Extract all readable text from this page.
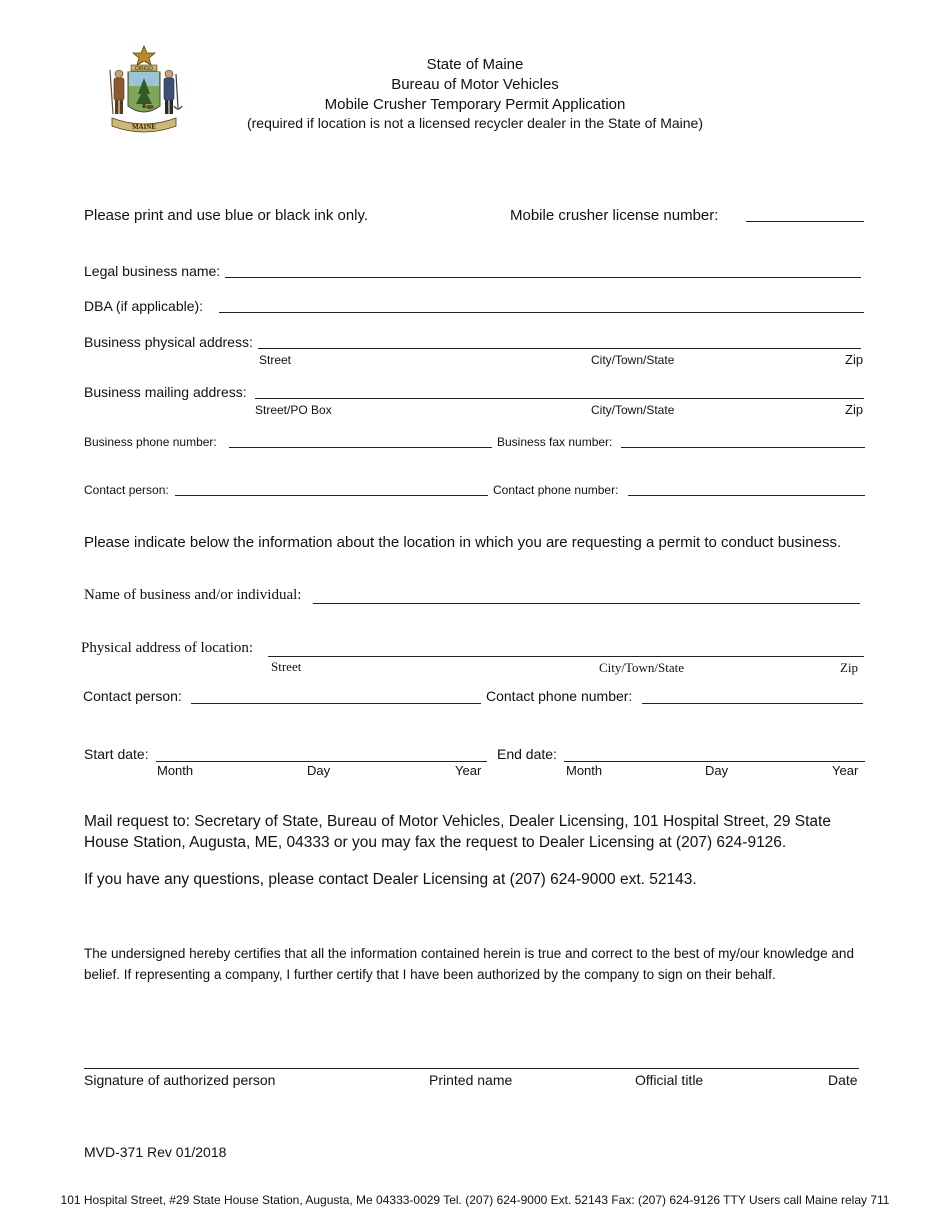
DIRIGO
MAINE
State of Maine
Bureau of Motor Vehicles
Mobile Crusher Temporary Permit Application
(required if location is not a licensed recycler dealer in the State of Maine)
Please print and use blue or black ink only.	Mobile crusher license number:
Legal business name:
DBA (if applicable):
Business physical address:
Street	City/Town/State	Zip
Business mailing address:
Street/PO Box	City/Town/State	Zip
Business phone number:	Business fax number:
Contact person:	Contact phone number:
Please indicate below the information about the location in which you are requesting a permit to conduct business.
Name of business and/or individual:
Physical address of location:
Street	City/Town/State	Zip
Contact person:	Contact phone number:
Start date:
Month	Day	Year
End date:
Month	Day	Year
Mail request to: Secretary of State, Bureau of Motor Vehicles, Dealer Licensing, 101 Hospital Street, 29 State House Station, Augusta, ME, 04333 or you may fax the request to Dealer Licensing at (207) 624-9126.
If you have any questions, please contact Dealer Licensing at (207) 624-9000 ext. 52143.
The undersigned hereby certifies that all the information contained herein is true and correct to the best of my/our knowledge and belief. If representing a company, I further certify that I have been authorized by the company to sign on their behalf.
Signature of authorized person	Printed name	Official title	Date
MVD-371 Rev 01/2018
101 Hospital Street, #29 State House Station, Augusta, Me 04333-0029 Tel. (207) 624-9000 Ext. 52143 Fax: (207) 624-9126 TTY Users call Maine relay 711
